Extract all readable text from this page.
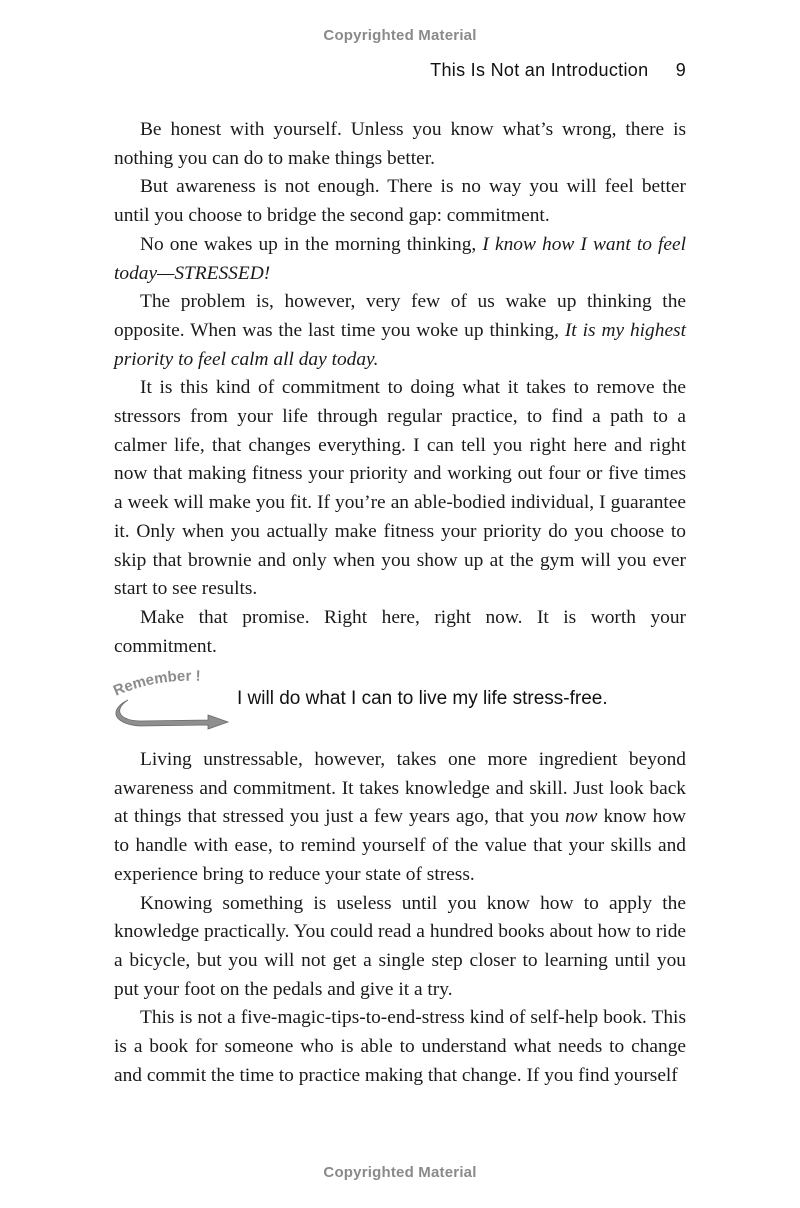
Copyrighted Material
This Is Not an Introduction 9

Be honest with yourself. Unless you know what’s wrong, there is nothing you can do to make things better.

But awareness is not enough. There is no way you will feel better until you choose to bridge the second gap: commitment.

No one wakes up in the morning thinking, I know how I want to feel today—STRESSED!

The problem is, however, very few of us wake up thinking the opposite. When was the last time you woke up thinking, It is my highest priority to feel calm all day today.

It is this kind of commitment to doing what it takes to remove the stressors from your life through regular practice, to find a path to a calmer life, that changes everything. I can tell you right here and right now that making fitness your priority and working out four or five times a week will make you fit. If you’re an able-bodied individual, I guarantee it. Only when you actually make fitness your priority do you choose to skip that brownie and only when you show up at the gym will you ever start to see results.

Make that promise. Right here, right now. It is worth your commitment.

Remember !
I will do what I can to live my life stress-free.

Living unstressable, however, takes one more ingredient beyond awareness and commitment. It takes knowledge and skill. Just look back at things that stressed you just a few years ago, that you now know how to handle with ease, to remind yourself of the value that your skills and experience bring to reduce your state of stress.

Knowing something is useless until you know how to apply the knowledge practically. You could read a hundred books about how to ride a bicycle, but you will not get a single step closer to learning until you put your foot on the pedals and give it a try.

This is not a five-magic-tips-to-end-stress kind of self-help book. This is a book for someone who is able to understand what needs to change and commit the time to practice making that change. If you find yourself

Copyrighted Material
